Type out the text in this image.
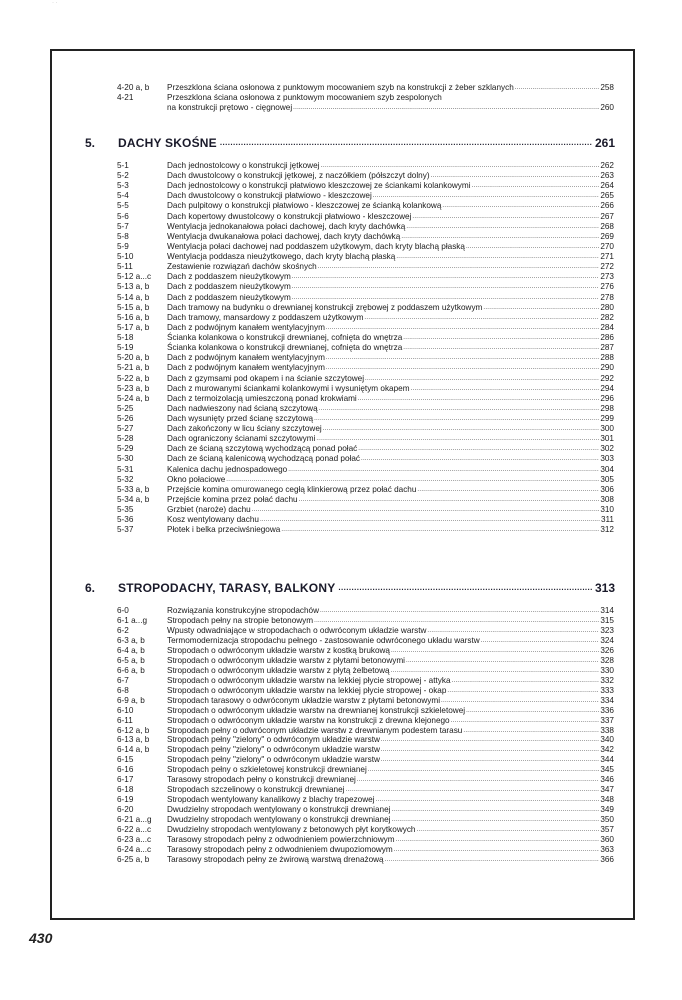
· ·
4-20 a, b Przeszklona ściana osłonowa z punktowym mocowaniem szyb na konstrukcji z żeber szklanych .....	258
4-21	Przeszklona ściana osłonowa z punktowym mocowaniem szyb zespolonych
na konstrukcji prętowo - cięgnowej .....	260
5. DACHY SKOŚNE .....	261
5-1	Dach jednostolcowy o konstrukcji jętkowej .....	262
5-2	Dach dwustolcowy o konstrukcji jętkowej, z naczółkiem (półszczyt dolny) .....	263
5-3	Dach jednostolcowy o konstrukcji płatwiowo kleszczowej ze ściankami kolankowymi .....	264
5-4	Dach dwustolcowy o konstrukcji płatwiowo - kleszczowej .....	265
5-5	Dach pulpitowy o konstrukcji płatwiowo - kleszczowej ze ścianką kolankową .....	266
5-6	Dach kopertowy dwustolcowy o konstrukcji płatwiowo - kleszczowej .....	267
5-7	Wentylacja jednokanałowa połaci dachowej, dach kryty dachówką .....	268
5-8	Wentylacja dwukanałowa połaci dachowej, dach kryty dachówką .....	269
5-9	Wentylacja połaci dachowej nad poddaszem użytkowym, dach kryty blachą płaską .....	270
5-10	Wentylacja poddasza nieużytkowego, dach kryty blachą płaską .....	271
5-11	Zestawienie rozwiązań dachów skośnych .....	272
5-12 a...c Dach z poddaszem nieużytkowym .....	273
5-13 a, b Dach z poddaszem nieużytkowym .....	276
5-14 a, b Dach z poddaszem nieużytkowym .....	278
5-15 a, b Dach tramowy na budynku o drewnianej konstrukcji zrębowej z poddaszem użytkowym .....	280
5-16 a, b Dach tramowy, mansardowy z poddaszem użytkowym .....	282
5-17 a, b Dach z podwójnym kanałem wentylacyjnym .....	284
5-18	Ścianka kolankowa o konstrukcji drewnianej, cofnięta do wnętrza .....	286
5-19	Ścianka kolankowa o konstrukcji drewnianej, cofnięta do wnętrza .....	287
5-20 a, b Dach z podwójnym kanałem wentylacyjnym .....	288
5-21 a, b Dach z podwójnym kanałem wentylacyjnym .....	290
5-22 a, b Dach z gzymsami pod okapem i na ścianie szczytowej .....	292
5-23 a, b Dach z murowanymi ściankami kolankowymi i wysuniętym okapem .....	294
5-24 a, b Dach z termoizolacją umieszczoną ponad krokwiami .....	296
5-25	Dach nadwieszony nad ścianą szczytową .....	298
5-26	Dach wysunięty przed ścianę szczytową .....	299
5-27	Dach zakończony w licu ściany szczytowej .....	300
5-28	Dach ograniczony ścianami szczytowymi .....	301
5-29	Dach ze ścianą szczytową wychodzącą ponad połać .....	302
5-30	Dach ze ścianą kalenicową wychodzącą ponad połać .....	303
5-31	Kalenica dachu jednospadowego .....	304
5-32	Okno połaciowe .....	305
5-33 a, b Przejście komina omurowanego cegłą klinkierową przez połać dachu .....	306
5-34 a, b Przejście komina przez połać dachu .....	308
5-35	Grzbiet (naroże) dachu .....	310
5-36	Kosz wentylowany dachu .....	311
5-37	Płotek i belka przeciwśniegowa .....	312
6. STROPODACHY, TARASY, BALKONY .....	313
6-0	Rozwiązania konstrukcyjne stropodachów .....	314
6-1 a...g Stropodach pełny na stropie betonowym .....	315
6-2	Wpusty odwadniające w stropodachach o odwróconym układzie warstw .....	323
6-3 a, b	Termomodernizacja stropodachu pełnego - zastosowanie odwróconego układu warstw .....	324
6-4 a, b	Stropodach o odwróconym układzie warstw z kostką brukową .....	326
6-5 a, b	Stropodach o odwróconym układzie warstw z płytami betonowymi .....	328
6-6 a, b	Stropodach o odwróconym układzie warstw z płytą żelbetową .....	330
6-7	Stropodach o odwróconym układzie warstw na lekkiej płycie stropowej - attyka .....	332
6-8	Stropodach o odwróconym układzie warstw na lekkiej płycie stropowej - okap .....	333
6-9 a, b	Stropodach tarasowy o odwróconym układzie warstw z płytami betonowymi .....	334
6-10	Stropodach o odwróconym układzie warstw na drewnianej konstrukcji szkieletowej .....	336
6-11	Stropodach o odwróconym układzie warstw na konstrukcji z drewna klejonego .....	337
6-12 a, b Stropodach pełny o odwróconym układzie warstw z drewnianym podestem tarasu .....	338
6-13 a, b Stropodach pełny "zielony" o odwróconym układzie warstw .....	340
6-14 a, b Stropodach pełny "zielony" o odwróconym układzie warstw .....	342
6-15	Stropodach pełny "zielony" o odwróconym układzie warstw .....	344
6-16	Stropodach pełny o szkieletowej konstrukcji drewnianej .....	345
6-17	Tarasowy stropodach pełny o konstrukcji drewnianej .....	346
6-18	Stropodach szczelinowy o konstrukcji drewnianej .....	347
6-19	Stropodach wentylowany kanalikowy z blachy trapezowej .....	348
6-20	Dwudzielny stropodach wentylowany o konstrukcji drewnianej .....	349
6-21 a...g Dwudzielny stropodach wentylowany o konstrukcji drewnianej .....	350
6-22 a...c Dwudzielny stropodach wentylowany z betonowych płyt korytkowych .....	357
6-23 a...c Tarasowy stropodach pełny z odwodnieniem powierzchniowym .....	360
6-24 a...c Tarasowy stropodach pełny z odwodnieniem dwupoziomowym .....	363
6-25 a, b Tarasowy stropodach pełny ze żwirową warstwą drenażową .....	366
430
